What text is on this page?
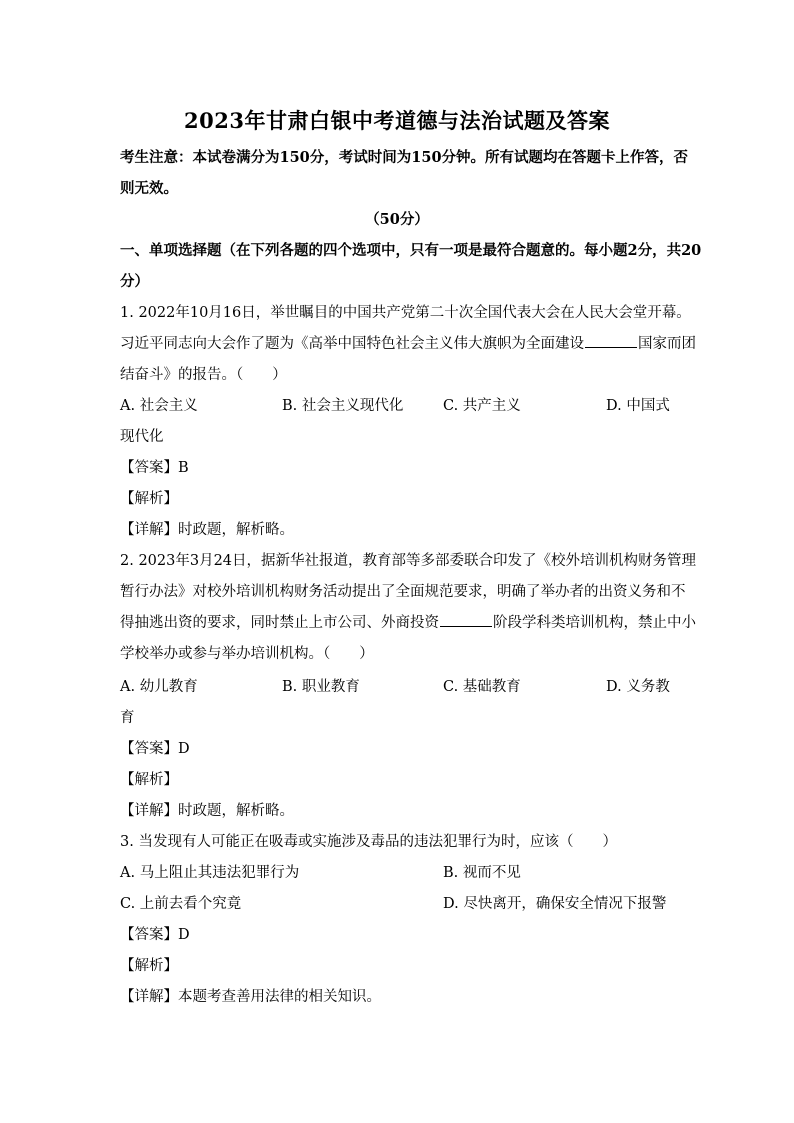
2023年甘肃白银中考道德与法治试题及答案
考生注意：本试卷满分为150分，考试时间为150分钟。所有试题均在答题卡上作答，否
则无效。
（50分）
一、单项选择题（在下列各题的四个选项中，只有一项是最符合题意的。每小题2分，共20
分）
1. 2022年10月16日，举世瞩目的中国共产党第二十次全国代表大会在人民大会堂开幕。
习近平同志向大会作了题为《高举中国特色社会主义伟大旗帜为全面建设	国家而团
结奋斗》的报告。（　　）
A. 社会主义	B. 社会主义现代化	C. 共产主义	D. 中国式
现代化
【答案】B
【解析】
【详解】时政题，解析略。
2. 2023年3月24日，据新华社报道，教育部等多部委联合印发了《校外培训机构财务管理
暂行办法》对校外培训机构财务活动提出了全面规范要求，明确了举办者的出资义务和不
得抽逃出资的要求，同时禁止上市公司、外商投资	阶段学科类培训机构，禁止中小
学校举办或参与举办培训机构。（　　）
A. 幼儿教育	B. 职业教育	C. 基础教育	D. 义务教
育
【答案】D
【解析】
【详解】时政题，解析略。
3. 当发现有人可能正在吸毒或实施涉及毒品的违法犯罪行为时，应该（　　）
A. 马上阻止其违法犯罪行为	B. 视而不见
C. 上前去看个究竟	D. 尽快离开，确保安全情况下报警
【答案】D
【解析】
【详解】本题考查善用法律的相关知识。
